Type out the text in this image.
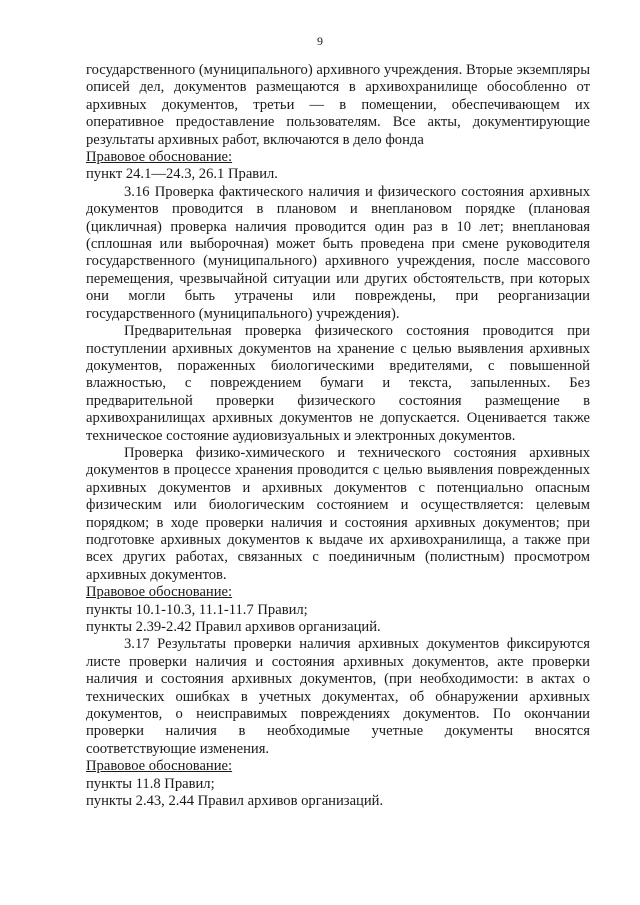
9

государственного (муниципального) архивного учреждения. Вторые экземпляры описей дел, документов размещаются в архивохранилище обособленно от архивных документов, третьи — в помещении, обеспечивающем их оперативное предоставление пользователям. Все акты, документирующие результаты архивных работ, включаются в дело фонда

Правовое обоснование:

пункт 24.1—24.3, 26.1 Правил.

3.16 Проверка фактического наличия и физического состояния архивных документов проводится в плановом и внеплановом порядке (плановая (цикличная) проверка наличия проводится один раз в 10 лет; внеплановая (сплошная или выборочная) может быть проведена при смене руководителя государственного (муниципального) архивного учреждения, после массового перемещения, чрезвычайной ситуации или других обстоятельств, при которых они могли быть утрачены или повреждены, при реорганизации государственного (муниципального) учреждения).

Предварительная проверка физического состояния проводится при поступлении архивных документов на хранение с целью выявления архивных документов, пораженных биологическими вредителями, с повышенной влажностью, с повреждением бумаги и текста, запыленных. Без предварительной проверки физического состояния размещение в архивохранилищах архивных документов не допускается. Оценивается также техническое состояние аудиовизуальных и электронных документов.

Проверка физико-химического и технического состояния архивных документов в процессе хранения проводится с целью выявления поврежденных архивных документов и архивных документов с потенциально опасным физическим или биологическим состоянием и осуществляется: целевым порядком; в ходе проверки наличия и состояния архивных документов; при подготовке архивных документов к выдаче их архивохранилища, а также при всех других работах, связанных с поединичным (полистным) просмотром архивных документов.

Правовое обоснование:

пункты 10.1-10.3, 11.1-11.7 Правил;

пункты 2.39-2.42 Правил архивов организаций.

3.17 Результаты проверки наличия архивных документов фиксируются листе проверки наличия и состояния архивных документов, акте проверки наличия и состояния архивных документов, (при необходимости: в актах о технических ошибках в учетных документах, об обнаружении архивных документов, о неисправимых повреждениях документов. По окончании проверки наличия в необходимые учетные документы вносятся соответствующие изменения.

Правовое обоснование:

пункты 11.8 Правил;

пункты 2.43, 2.44 Правил архивов организаций.
